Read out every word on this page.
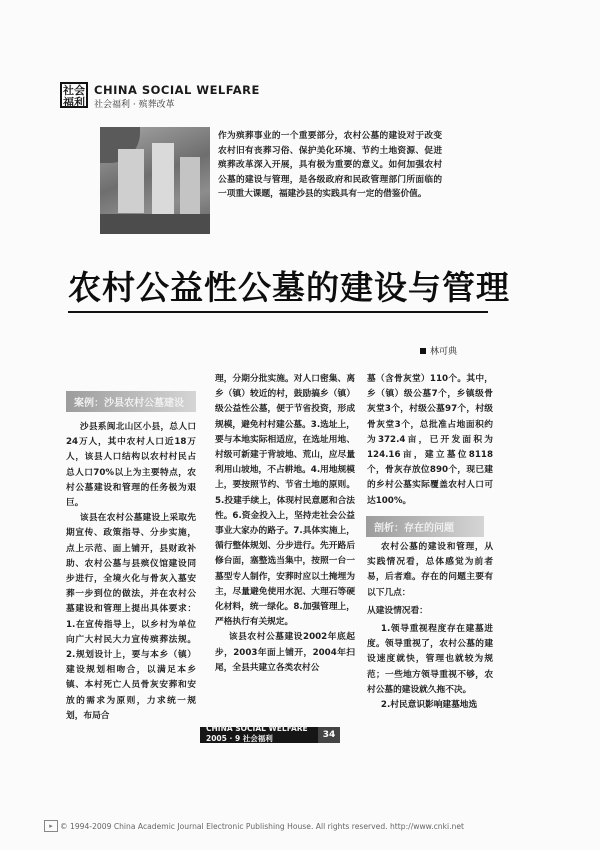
社会福利
CHINA SOCIAL WELFARE
社会福利 · 殡葬改革
作为殡葬事业的一个重要部分，农村公墓的建设对于改变农村旧有丧葬习俗、保护美化环境、节约土地资源、促进殡葬改革深入开展，具有极为重要的意义。如何加强农村公墓的建设与管理，是各级政府和民政管理部门所面临的一项重大课题，福建沙县的实践具有一定的借鉴价值。
农村公益性公墓的建设与管理
林可典
案例：沙县农村公墓建设
剖析：存在的问题

沙县系闽北山区小县，总人口24万人，其中农村人口近18万人，该县人口结构以农村村民占总人口70%以上为主要特点，农村公墓建设和管理的任务极为艰巨。

该县在农村公墓建设上采取先期宣传、政策指导、分步实施，点上示范、面上铺开，县财政补助、农村公墓与县殡仪馆建设同步进行，全境火化与骨灰入墓安葬一步到位的做法，并在农村公墓建设和管理上提出具体要求：1.在宣传指导上，以乡村为单位向广大村民大力宣传殡葬法规。2.规划设计上，要与本乡（镇）建设规划相吻合，以满足本乡镇、本村死亡人员骨灰安葬和安放的需求为原则，力求统一规划，布局合

理，分期分批实施。对人口密集、离乡（镇）较近的村，鼓励搞乡（镇）级公益性公墓，便于节省投资，形成规模，避免村村建公墓。3.选址上，要与本地实际相适应，在选址用地、村级可新建于背坡地、荒山，应尽量利用山坡地，不占耕地。4.用地规模上，要按照节约、节省土地的原则。5.投建手续上，体现村民意愿和合法性。6.资金投入上，坚持走社会公益事业大家办的路子。7.具体实施上，循行整体规划、分步进行。先开路后修台面，塞整选当集中，按照一台一墓型专人制作，安葬时应以土掩埋为主，尽量避免使用水泥、大理石等硬化材料，统一绿化。8.加强管理上，严格执行有关规定。

该县农村公墓建设2002年底起步，2003年面上铺开，2004年扫尾，全县共建立各类农村公

墓（含骨灰堂）110个。其中，乡（镇）级公墓7个，乡镇级骨灰堂3个，村级公墓97个，村级骨灰堂3个，总批准占地面积约为372.4亩，已开发面积为124.16亩，建立墓位8118个，骨灰存放位890个，现已建的乡村公墓实际覆盖农村人口可达100%。

农村公墓的建设和管理，从实践情况看，总体感觉为前者易，后者难。存在的问题主要有以下几点：

从建设情况看：

1.领导重视程度存在建墓进度。领导重视了，农村公墓的建设速度就快，管理也就较为规范；一些地方领导重视不够，农村公墓的建设就久拖不决。

2.村民意识影响建墓地选

CHINA SOCIAL WELFARE
2005 · 9 社会福利	34
▸ © 1994-2009 China Academic Journal Electronic Publishing House. All rights reserved. http://www.cnki.net
